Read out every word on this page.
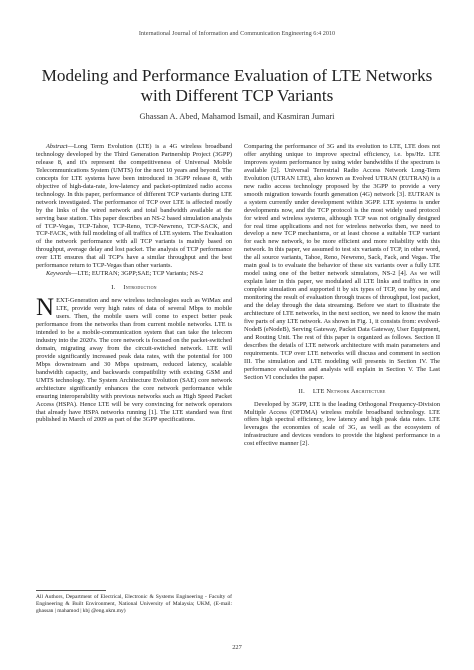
International Journal of Information and Communication Engineering 6:4 2010
Modeling and Performance Evaluation of LTE Networks with Different TCP Variants
Ghassan A. Abed, Mahamod Ismail, and Kasmiran Jumari

Abstract—Long Term Evolution (LTE) is a 4G wireless broadband technology developed by the Third Generation Partnership Project (3GPP) release 8, and it's represent the competitiveness of Universal Mobile Telecommunications System (UMTS) for the next 10 years and beyond. The concepts for LTE systems have been introduced in 3GPP release 8, with objective of high-data-rate, low-latency and packet-optimized radio access technology. In this paper, performance of different TCP variants during LTE network investigated. The performance of TCP over LTE is affected mostly by the links of the wired network and total bandwidth available at the serving base station. This paper describes an NS-2 based simulation analysis of TCP-Vegas, TCP-Tahoe, TCP-Reno, TCP-Newreno, TCP-SACK, and TCP-FACK, with full modeling of all traffics of LTE system. The Evaluation of the network performance with all TCP variants is mainly based on throughput, average delay and lost packet. The analysis of TCP performance over LTE ensures that all TCP's have a similar throughput and the best performance return to TCP-Vegas than other variants.

Keywords—LTE; EUTRAN; 3GPP;SAE; TCP Variants; NS-2

I. Introduction

NEXT-Generation and new wireless technologies such as WiMax and LTE, provide very high rates of data of several Mbps to mobile users. Then, the mobile users will come to expect better peak performance from the networks than from current mobile networks. LTE is intended to be a mobile-communication system that can take the telecom industry into the 2020's. The core network is focused on the packet-switched domain, migrating away from the circuit-switched network. LTE will provide significantly increased peak data rates, with the potential for 100 Mbps downstream and 30 Mbps upstream, reduced latency, scalable bandwidth capacity, and backwards compatibility with existing GSM and UMTS technology. The System Architecture Evolution (SAE) core network architecture significantly enhances the core network performance while ensuring interoperability with previous networks such as High Speed Packet Access (HSPA). Hence LTE will be very convincing for network operators that already have HSPA networks running [1]. The LTE standard was first published in March of 2009 as part of the 3GPP specifications.

All Authors, Department of Electrical, Electronic & Systems Engineering - Faculty of Engineering & Built Environment, National University of Malaysia; UKM, (E-mail: ghassan | mahamod | kbj @eng.ukm.my)

Comparing the performance of 3G and its evolution to LTE, LTE does not offer anything unique to improve spectral efficiency, i.e. bps/Hz. LTE improves system performance by using wider bandwidths if the spectrum is available [2]. Universal Terrestrial Radio Access Network Long-Term Evolution (UTRAN LTE), also known as Evolved UTRAN (EUTRAN) is a new radio access technology proposed by the 3GPP to provide a very smooth migration towards fourth generation (4G) network [3]. EUTRAN is a system currently under development within 3GPP. LTE systems is under developments now, and the TCP protocol is the most widely used protocol for wired and wireless systems, although TCP was not originally designed for real time applications and not for wireless networks then, we need to develop a new TCP mechanisms, or at least choose a suitable TCP variant for each new network, to be more efficient and more reliability with this network. In this paper, we assumed to test six variants of TCP, in other word, the all source variants, Tahoe, Reno, Newreno, Sack, Fack, and Vegas. The main goal is to evaluate the behavior of these six variants over a fully LTE model using one of the better network simulators, NS-2 [4]. As we will explain later in this paper, we modulated all LTE links and traffics in one complete simulation and supported it by six types of TCP, one by one, and monitoring the result of evaluation through traces of throughput, lost packet, and the delay through the data streaming. Before we start to illustrate the architecture of LTE networks, in the next section, we need to know the main five parts of any LTE network. As shown in Fig. 1, it consists from: evolved-NodeB (eNodeB), Serving Gateway, Packet Data Gateway, User Equipment, and Routing Unit. The rest of this paper is organized as follows. Section II describes the details of LTE network architecture with main parameters and requirements. TCP over LTE networks will discuss and comment in section III. The simulation and LTE modeling will presents in Section IV. The performance evaluation and analysis will explain in Section V. The Last Section VI concludes the paper.

II. LTE Network Architecture

Developed by 3GPP, LTE is the leading Orthogonal Frequency-Division Multiple Access (OFDMA) wireless mobile broadband technology. LTE offers high spectral efficiency, low latency and high peak data rates. LTE leverages the economies of scale of 3G, as well as the ecosystem of infrastructure and devices vendors to provide the highest performance in a cost effective manner [2].

227
